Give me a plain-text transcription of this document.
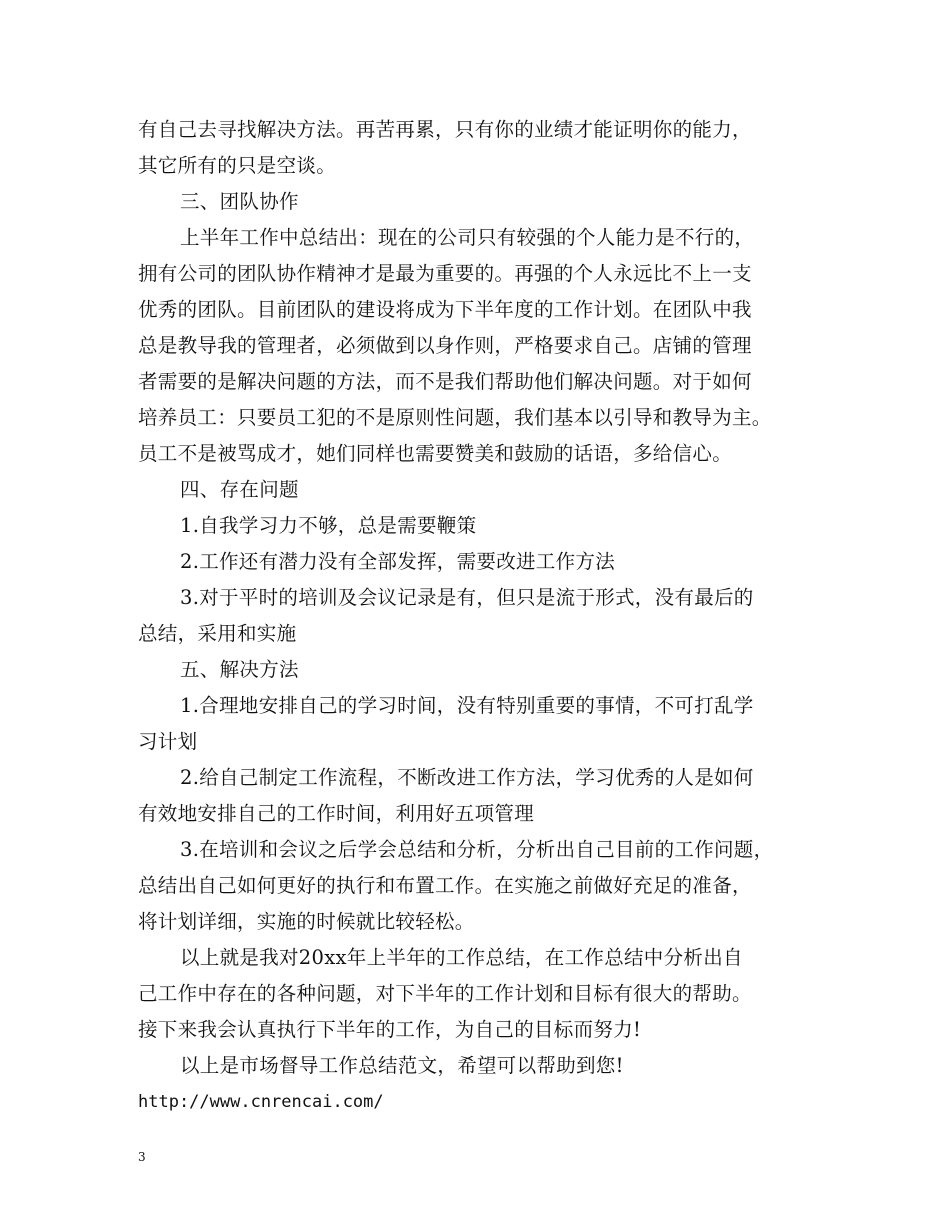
有自己去寻找解决方法。再苦再累，只有你的业绩才能证明你的能力，
其它所有的只是空谈。
三、团队协作
上半年工作中总结出：现在的公司只有较强的个人能力是不行的，
拥有公司的团队协作精神才是最为重要的。再强的个人永远比不上一支
优秀的团队。目前团队的建设将成为下半年度的工作计划。在团队中我
总是教导我的管理者，必须做到以身作则，严格要求自己。店铺的管理
者需要的是解决问题的方法，而不是我们帮助他们解决问题。对于如何
培养员工：只要员工犯的不是原则性问题，我们基本以引导和教导为主。
员工不是被骂成才，她们同样也需要赞美和鼓励的话语，多给信心。
四、存在问题
1.自我学习力不够，总是需要鞭策
2.工作还有潜力没有全部发挥，需要改进工作方法
3.对于平时的培训及会议记录是有，但只是流于形式，没有最后的
总结，采用和实施
五、解决方法
1.合理地安排自己的学习时间，没有特别重要的事情，不可打乱学
习计划
2.给自己制定工作流程，不断改进工作方法，学习优秀的人是如何
有效地安排自己的工作时间，利用好五项管理
3.在培训和会议之后学会总结和分析，分析出自己目前的工作问题，
总结出自己如何更好的执行和布置工作。在实施之前做好充足的准备，
将计划详细，实施的时候就比较轻松。
以上就是我对20xx年上半年的工作总结，在工作总结中分析出自
己工作中存在的各种问题，对下半年的工作计划和目标有很大的帮助。
接下来我会认真执行下半年的工作，为自己的目标而努力!
以上是市场督导工作总结范文，希望可以帮助到您!
http://www.cnrencai.com/
3
